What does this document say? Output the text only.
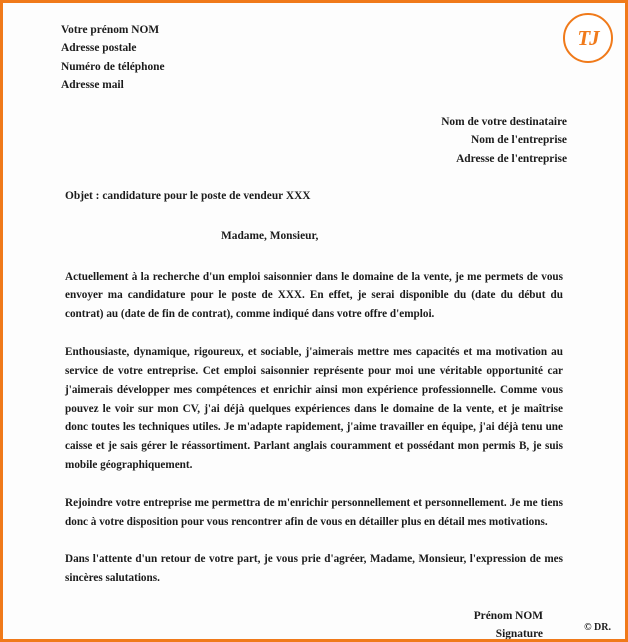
TJ
Votre prénom NOM
Adresse postale
Numéro de téléphone
Adresse mail
Nom de votre destinataire
Nom de l'entreprise
Adresse de l'entreprise
Objet : candidature pour le poste de vendeur XXX
Madame, Monsieur,

Actuellement à la recherche d'un emploi saisonnier dans le domaine de la vente, je me permets de vous envoyer ma candidature pour le poste de XXX. En effet, je serai disponible du (date du début du contrat) au (date de fin de contrat), comme indiqué dans votre offre d'emploi.

Enthousiaste, dynamique, rigoureux, et sociable, j'aimerais mettre mes capacités et ma motivation au service de votre entreprise. Cet emploi saisonnier représente pour moi une véritable opportunité car j'aimerais développer mes compétences et enrichir ainsi mon expérience professionnelle. Comme vous pouvez le voir sur mon CV, j'ai déjà quelques expériences dans le domaine de la vente, et je maîtrise donc toutes les techniques utiles. Je m'adapte rapidement, j'aime travailler en équipe, j'ai déjà tenu une caisse et je sais gérer le réassortiment. Parlant anglais couramment et possédant mon permis B, je suis mobile géographiquement.

Rejoindre votre entreprise me permettra de m'enrichir personnellement et personnellement. Je me tiens donc à votre disposition pour vous rencontrer afin de vous en détailler plus en détail mes motivations.

Dans l'attente d'un retour de votre part, je vous prie d'agréer, Madame, Monsieur, l'expression de mes sincères salutations.

Prénom NOM
Signature
© DR.
